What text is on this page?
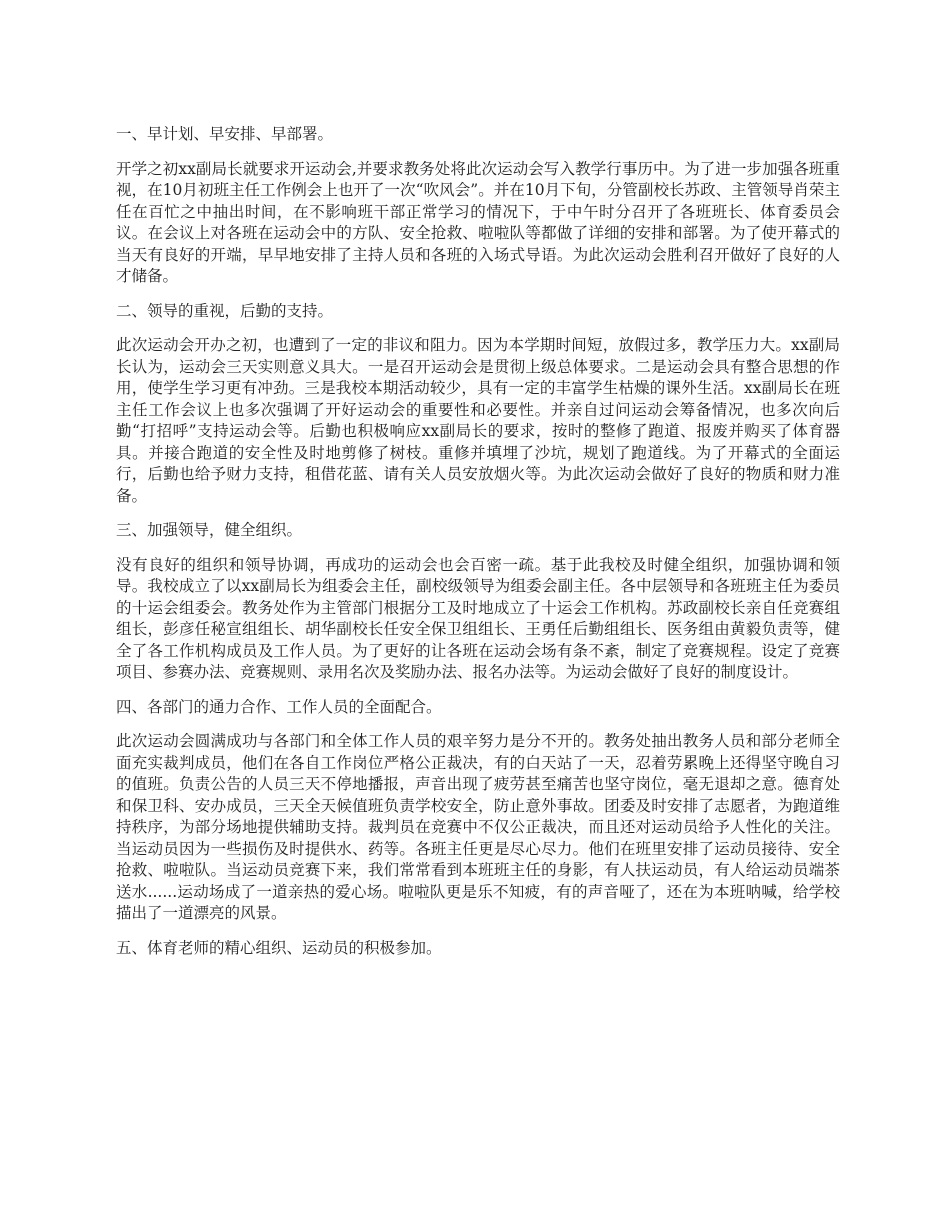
一、早计划、早安排、早部署。

开学之初xx副局长就要求开运动会,并要求教务处将此次运动会写入教学行事历中。为了进一步加强各班重视，在10月初班主任工作例会上也开了一次“吹风会”。并在10月下旬，分管副校长苏政、主管领导肖荣主任在百忙之中抽出时间，在不影响班干部正常学习的情况下，于中午时分召开了各班班长、体育委员会议。在会议上对各班在运动会中的方队、安全抢救、啦啦队等都做了详细的安排和部署。为了使开幕式的当天有良好的开端，早早地安排了主持人员和各班的入场式导语。为此次运动会胜利召开做好了良好的人才储备。

二、领导的重视，后勤的支持。

此次运动会开办之初，也遭到了一定的非议和阻力。因为本学期时间短，放假过多，教学压力大。xx副局长认为，运动会三天实则意义具大。一是召开运动会是贯彻上级总体要求。二是运动会具有整合思想的作用，使学生学习更有冲劲。三是我校本期活动较少，具有一定的丰富学生枯燥的课外生活。xx副局长在班主任工作会议上也多次强调了开好运动会的重要性和必要性。并亲自过问运动会筹备情况，也多次向后勤“打招呼”支持运动会等。后勤也积极响应xx副局长的要求，按时的整修了跑道、报废并购买了体育器具。并接合跑道的安全性及时地剪修了树枝。重修并填埋了沙坑，规划了跑道线。为了开幕式的全面运行，后勤也给予财力支持，租借花蓝、请有关人员安放烟火等。为此次运动会做好了良好的物质和财力准备。

三、加强领导，健全组织。

没有良好的组织和领导协调，再成功的运动会也会百密一疏。基于此我校及时健全组织，加强协调和领导。我校成立了以xx副局长为组委会主任，副校级领导为组委会副主任。各中层领导和各班班主任为委员的十运会组委会。教务处作为主管部门根据分工及时地成立了十运会工作机构。苏政副校长亲自任竞赛组组长，彭彦任秘宣组组长、胡华副校长任安全保卫组组长、王勇任后勤组组长、医务组由黄毅负责等，健全了各工作机构成员及工作人员。为了更好的让各班在运动会场有条不紊，制定了竞赛规程。设定了竞赛项目、参赛办法、竞赛规则、录用名次及奖励办法、报名办法等。为运动会做好了良好的制度设计。

四、各部门的通力合作、工作人员的全面配合。

此次运动会圆满成功与各部门和全体工作人员的艰辛努力是分不开的。教务处抽出教务人员和部分老师全面充实裁判成员，他们在各自工作岗位严格公正裁决，有的白天站了一天，忍着劳累晚上还得坚守晚自习的值班。负责公告的人员三天不停地播报，声音出现了疲劳甚至痛苦也坚守岗位，毫无退却之意。德育处和保卫科、安办成员，三天全天候值班负责学校安全，防止意外事故。团委及时安排了志愿者，为跑道维持秩序，为部分场地提供辅助支持。裁判员在竞赛中不仅公正裁决，而且还对运动员给予人性化的关注。当运动员因为一些损伤及时提供水、药等。各班主任更是尽心尽力。他们在班里安排了运动员接待、安全抢救、啦啦队。当运动员竞赛下来，我们常常看到本班班主任的身影，有人扶运动员，有人给运动员端茶送水......运动场成了一道亲热的爱心场。啦啦队更是乐不知疲，有的声音哑了，还在为本班呐喊，给学校描出了一道漂亮的风景。

五、体育老师的精心组织、运动员的积极参加。
